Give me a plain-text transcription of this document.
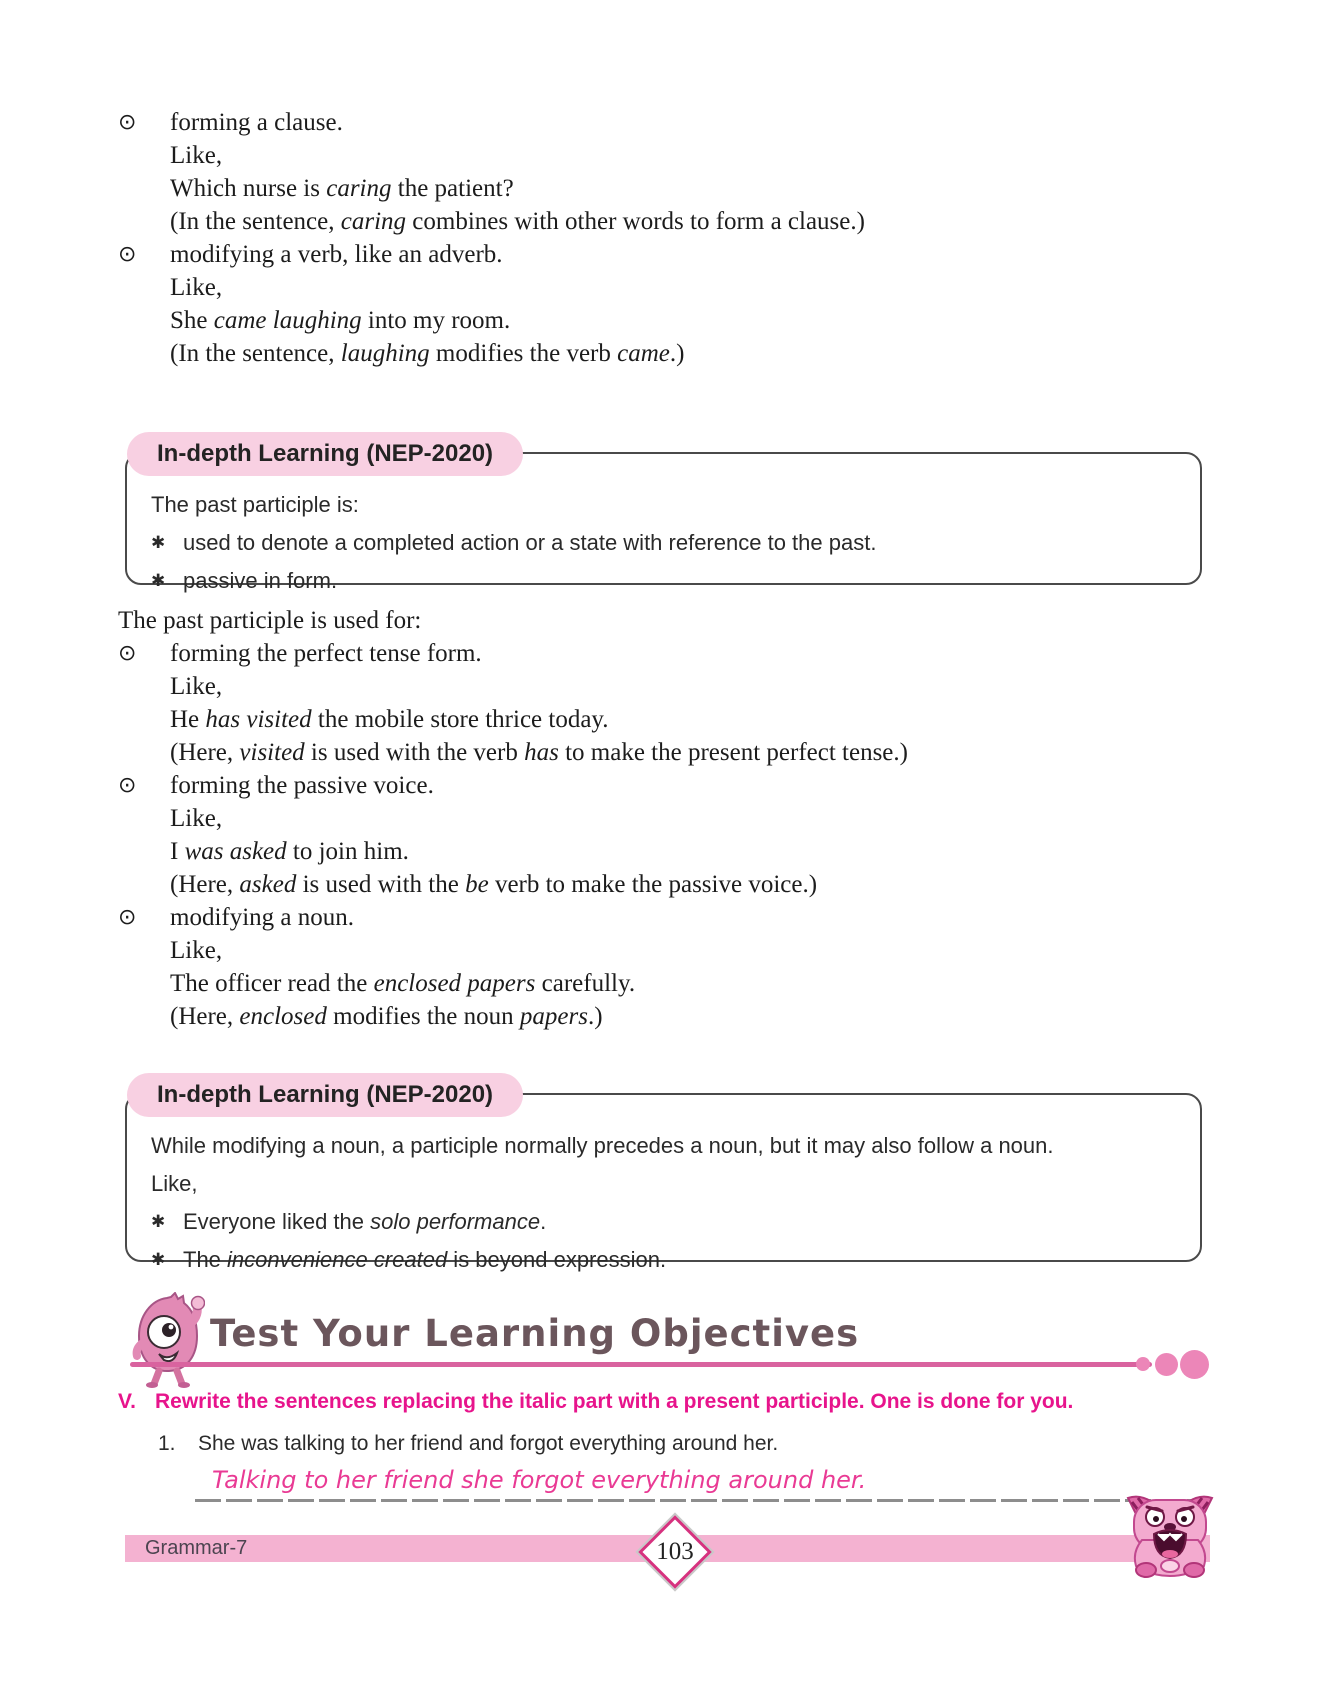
⊙	forming a clause.
Like,
Which nurse is caring the patient?
(In the sentence, caring combines with other words to form a clause.)
⊙	modifying a verb, like an adverb.
Like,
She came laughing into my room.
(In the sentence, laughing modifies the verb came.)
In-depth Learning (NEP-2020)
The past participle is:
✱ used to denote a completed action or a state with reference to the past.
✱ passive in form.
The past participle is used for:
⊙	forming the perfect tense form.
Like,
He has visited the mobile store thrice today.
(Here, visited is used with the verb has to make the present perfect tense.)
⊙	forming the passive voice.
Like,
I was asked to join him.
(Here, asked is used with the be verb to make the passive voice.)
⊙	modifying a noun.
Like,
The officer read the enclosed papers carefully.
(Here, enclosed modifies the noun papers.)
In-depth Learning (NEP-2020)
While modifying a noun, a participle normally precedes a noun, but it may also follow a noun.
Like,
✱ Everyone liked the solo performance.
✱ The inconvenience created is beyond expression.
Test Your Learning Objectives
V. Rewrite the sentences replacing the italic part with a present participle. One is done for you.
1.	She was talking to her friend and forgot everything around her.
Talking to her friend she forgot everything around her.
Grammar-7	103
